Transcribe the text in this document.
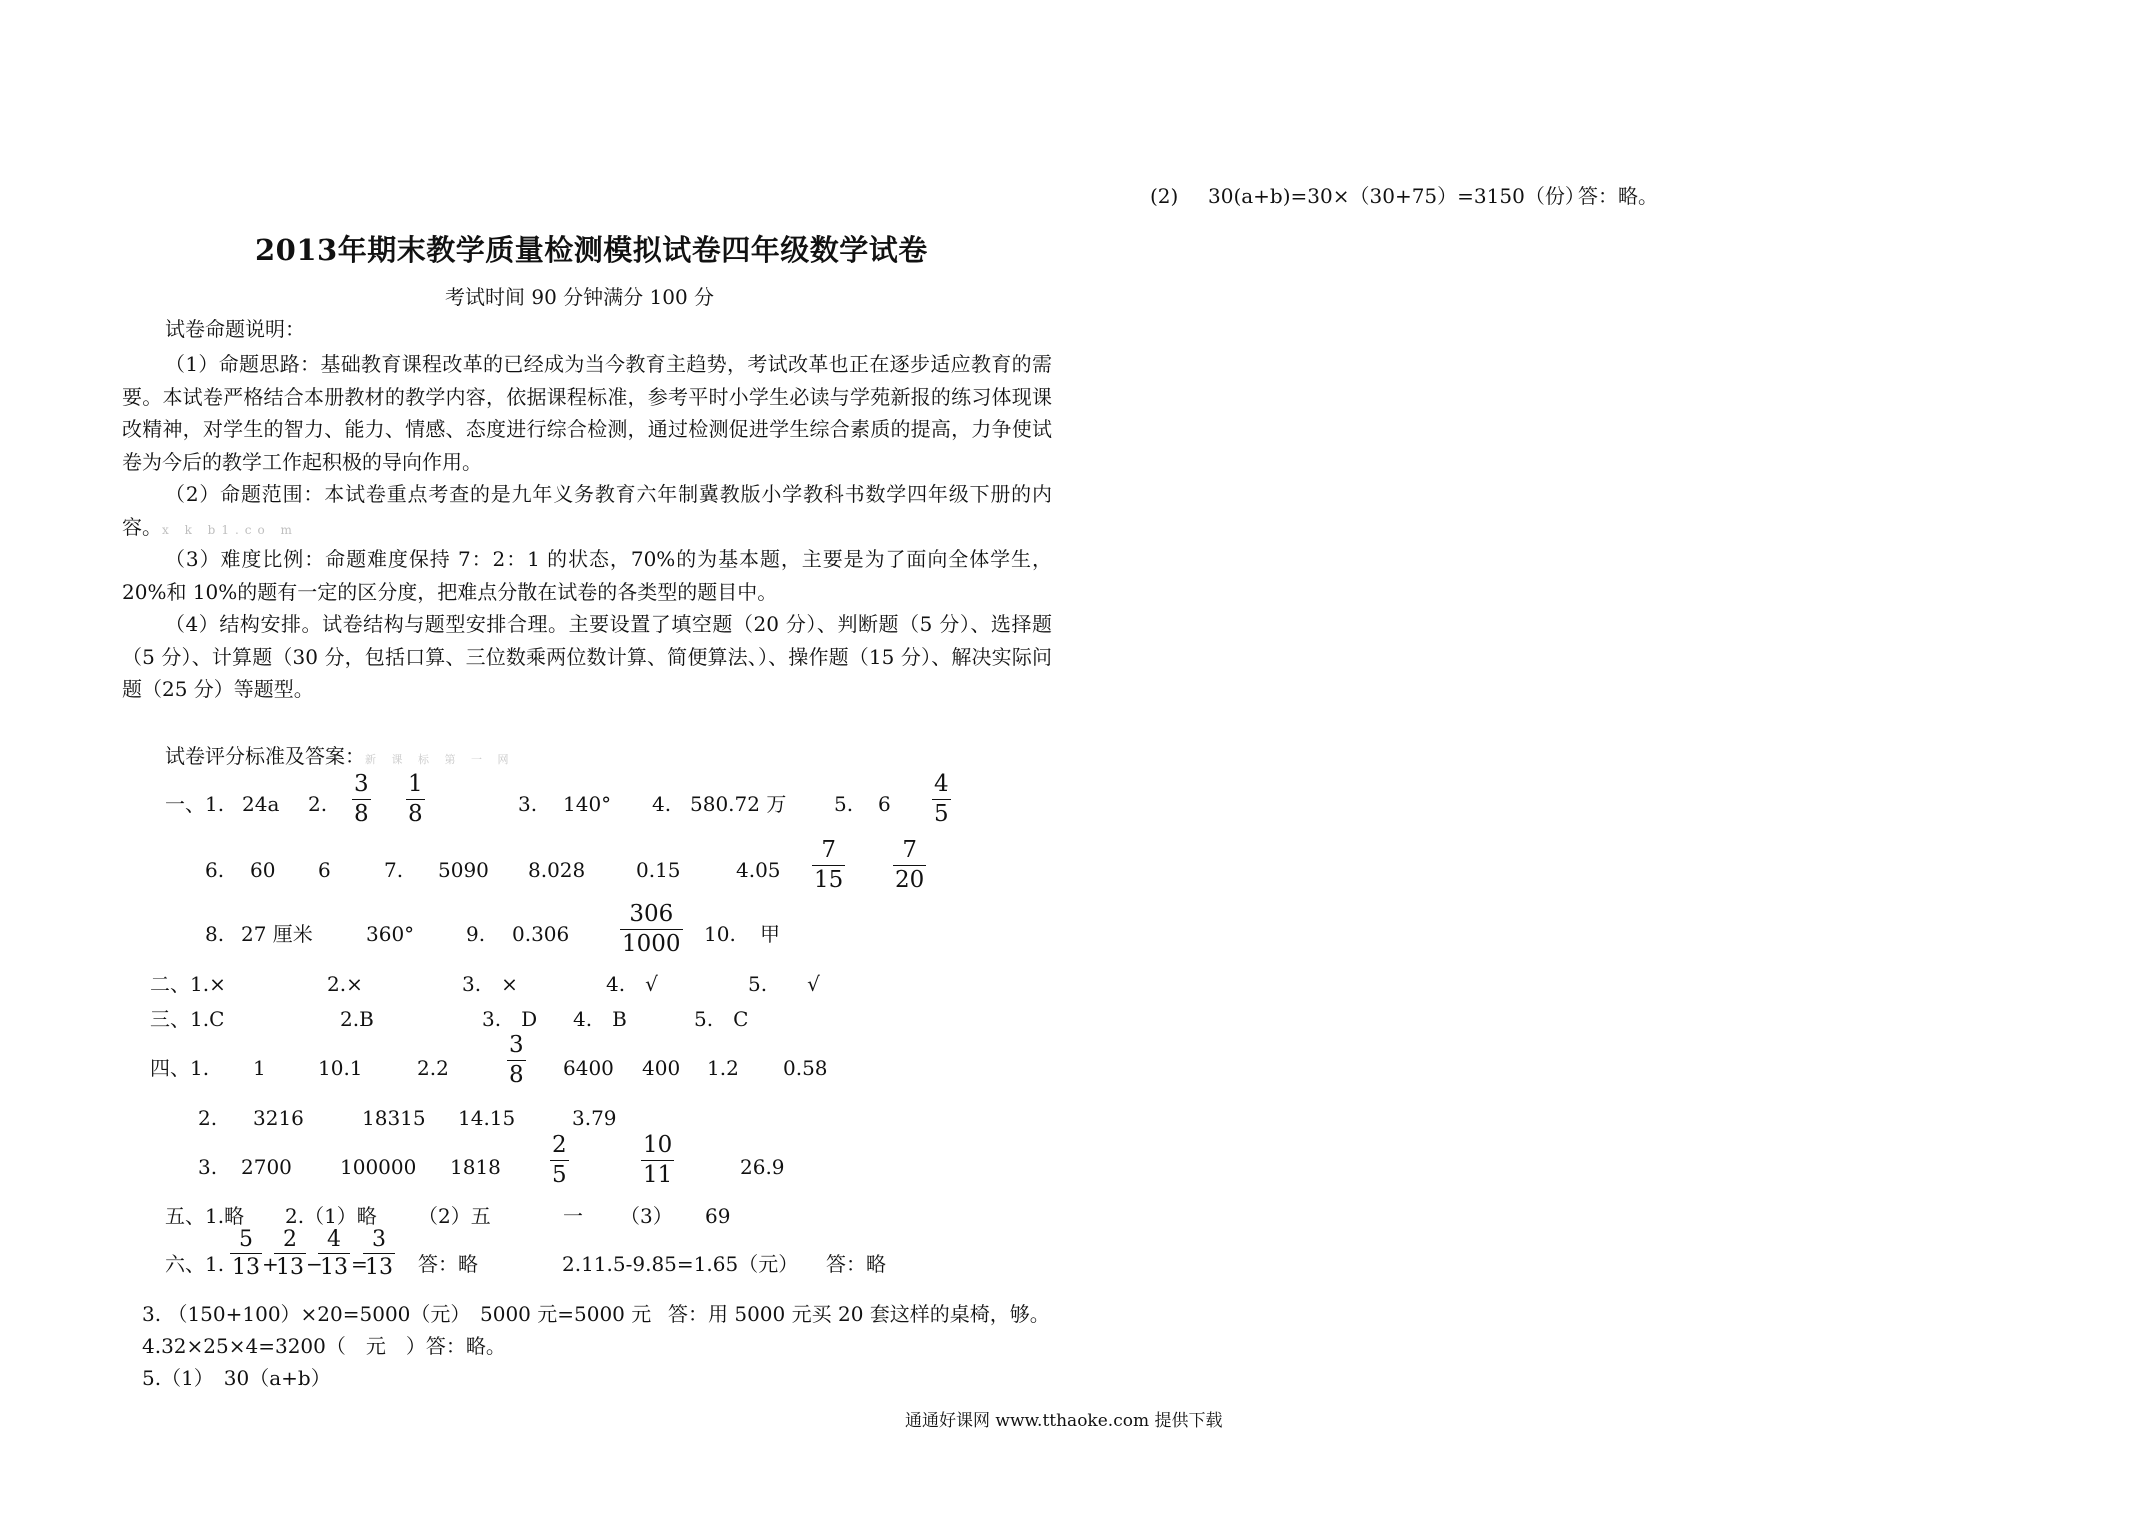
(2) 30(a+b)=30×（30+75）=3150（份）
答：略。
2013年期末教学质量检测模拟试卷四年级数学试卷
考试时间 90 分钟满分 100 分
试卷命题说明：
（1）命题思路：基础教育课程改革的已经成为当今教育主趋势，考试改革也正在逐步适应教育的需要。本试卷严格结合本册教材的教学内容，依据课程标准，参考平时小学生必读与学苑新报的练习体现课改精神，对学生的智力、能力、情感、态度进行综合检测，通过检测促进学生综合素质的提高，力争使试卷为今后的教学工作起积极的导向作用。
（2）命题范围：本试卷重点考查的是九年义务教育六年制冀教版小学教科书数学四年级下册的内容。x k b1.co m
（3）难度比例：命题难度保持 7：2：1 的状态，70%的为基本题，主要是为了面向全体学生，20%和 10%的题有一定的区分度，把难点分散在试卷的各类型的题目中。
（4）结构安排。试卷结构与题型安排合理。主要设置了填空题（20 分）、判断题（5 分）、选择题（5 分）、计算题（30 分，包括口算、三位数乘两位数计算、简便算法、）、操作题（15 分）、解决实际问题（25 分）等题型。
试卷评分标准及答案：新 课 标 第 一 网
一、1. 24a 2.
3
8
1
8	3. 140° 4. 580.72 万 5. 6
4
5
6. 60 6	7. 5090 8.028	0.15	4.05
7
15
7
20
8. 27 厘米	360°	9. 0.306
306
1000 10. 甲
二、1.×	2.×	3.　×	4.　√	5.　　√
三、1.C	2.B	3.　D 4.　B	5.　C
四、1. 1	10.1	2.2
3
8 6400 400 1.2 0.58
2. 3216	18315 14.15	3.79
3. 2700 100000 1818
2
5
10
11	26.9
五、1.略 2.（1）略 （2）五	一 （3） 69
六、1.
5
13 +
2
13 −
4
13 =
3
13 答：略	2.11.5-9.85=1.65（元） 答：略
3. （150+100）×20=5000（元） 5000 元=5000 元 答：用 5000 元买 20 套这样的桌椅，够。
4.32×25×4=3200（　元　）答：略。
5.（1）　30（a+b）
通通好课网 www.tthaoke.com 提供下载
